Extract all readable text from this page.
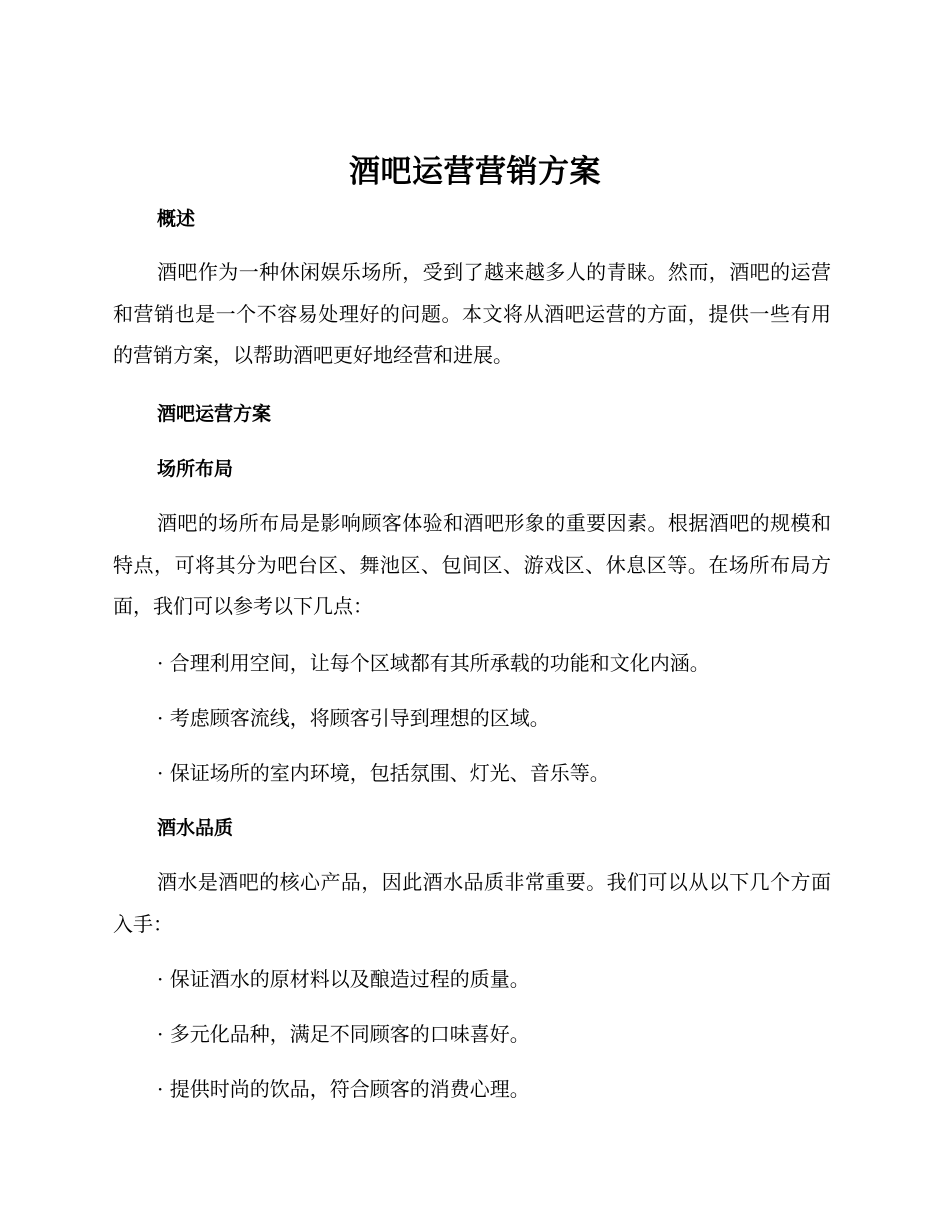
酒吧运营营销方案
概述

酒吧作为一种休闲娱乐场所，受到了越来越多人的青睐。然而，酒吧的运营和营销也是一个不容易处理好的问题。本文将从酒吧运营的方面，提供一些有用的营销方案，以帮助酒吧更好地经营和进展。

酒吧运营方案
场所布局

酒吧的场所布局是影响顾客体验和酒吧形象的重要因素。根据酒吧的规模和特点，可将其分为吧台区、舞池区、包间区、游戏区、休息区等。在场所布局方面，我们可以参考以下几点：

· 合理利用空间，让每个区域都有其所承载的功能和文化内涵。
· 考虑顾客流线，将顾客引导到理想的区域。
· 保证场所的室内环境，包括氛围、灯光、音乐等。
酒水品质

酒水是酒吧的核心产品，因此酒水品质非常重要。我们可以从以下几个方面入手：

· 保证酒水的原材料以及酿造过程的质量。
· 多元化品种，满足不同顾客的口味喜好。
· 提供时尚的饮品，符合顾客的消费心理。
